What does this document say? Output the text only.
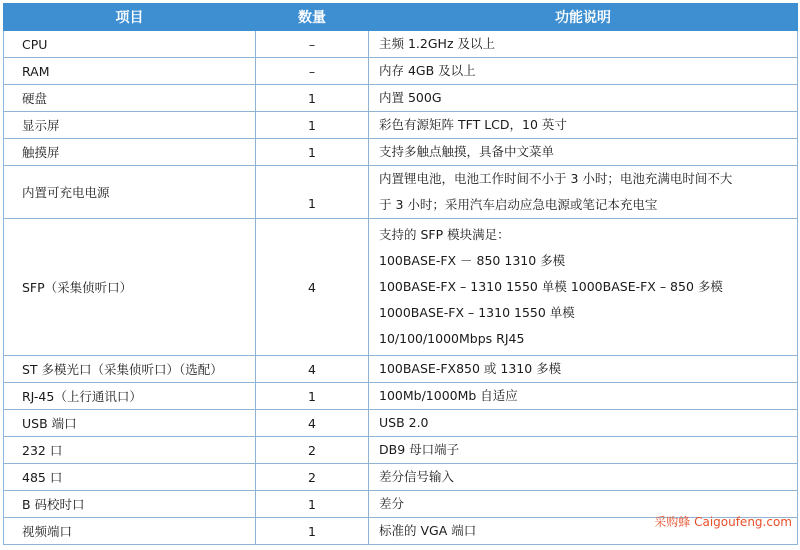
项目	数量	功能说明
CPU	–	主频 1.2GHz 及以上

RAM	–	内存 4GB 及以上

硬盘	1	内置 500G

显示屏	1	彩色有源矩阵 TFT LCD，10 英寸

触摸屏	1	支持多触点触摸，具备中文菜单

内置可充电电源	1	内置锂电池，电池工作时间不小于 3 小时；电池充满电时间不大
于 3 小时；采用汽车启动应急电源或笔记本充电宝

SFP（采集侦听口）	4	支持的 SFP 模块满足：
100BASE-FX － 850 1310 多模
100BASE-FX – 1310 1550 单模 1000BASE-FX – 850 多模
1000BASE-FX – 1310 1550 单模
10/100/1000Mbps RJ45

ST 多模光口（采集侦听口）（选配）	4	100BASE-FX850 或 1310 多模

RJ-45（上行通讯口）	1	100Mb/1000Mb 自适应

USB 端口	4	USB 2.0

232 口	2	DB9 母口端子

485 口	2	差分信号输入

B 码校时口	1	差分

视频端口	1	标准的 VGA 端口
采购蜂 Caigoufeng.com
